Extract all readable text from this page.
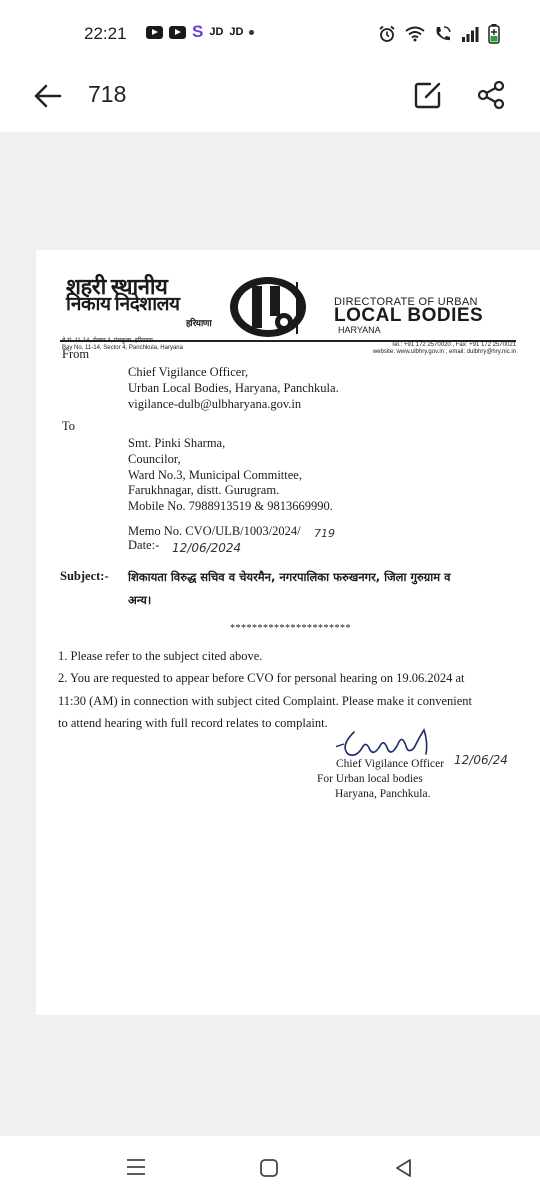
22:21	S JD JD
718
शहरी स्थानीय
निकाय निदेशालय
हरियाणा
DIRECTORATE OF URBAN
LOCAL BODIES
HARYANA
बे सं. 11-14, सेक्टर 4, पंचकूला, हरियाणा
Bay No. 11-14, Sector 4, Panchkula, Haryana	Tel.: +91 172 2570020 , Fax: +91 172 2570021
website: www.ulbhry.gov.in ; email: dulbhry@hry.nic.in
From
Chief Vigilance Officer,
Urban Local Bodies, Haryana, Panchkula.
vigilance-dulb@ulbharyana.gov.in
To
Smt. Pinki Sharma,
Councilor,
Ward No.3, Municipal Committee,
Farukhnagar, distt. Gurugram.
Mobile No. 7988913519 & 9813669990.
Memo No. CVO/ULB/1003/2024/ 719
Date:- 12/06/2024
Subject:- शिकायता विरुद्ध सचिव व चेयरमैन, नगरपालिका फरुखनगर, जिला गुरुग्राम व
अन्य।
**********************
1. Please refer to the subject cited above.
2. You are requested to appear before CVO for personal hearing on 19.06.2024 at
11:30 (AM) in connection with subject cited Complaint. Please make it convenient
to attend hearing with full record relates to complaint.
12/06/24
Chief Vigilance Officer
For Urban local bodies
Haryana, Panchkula.
